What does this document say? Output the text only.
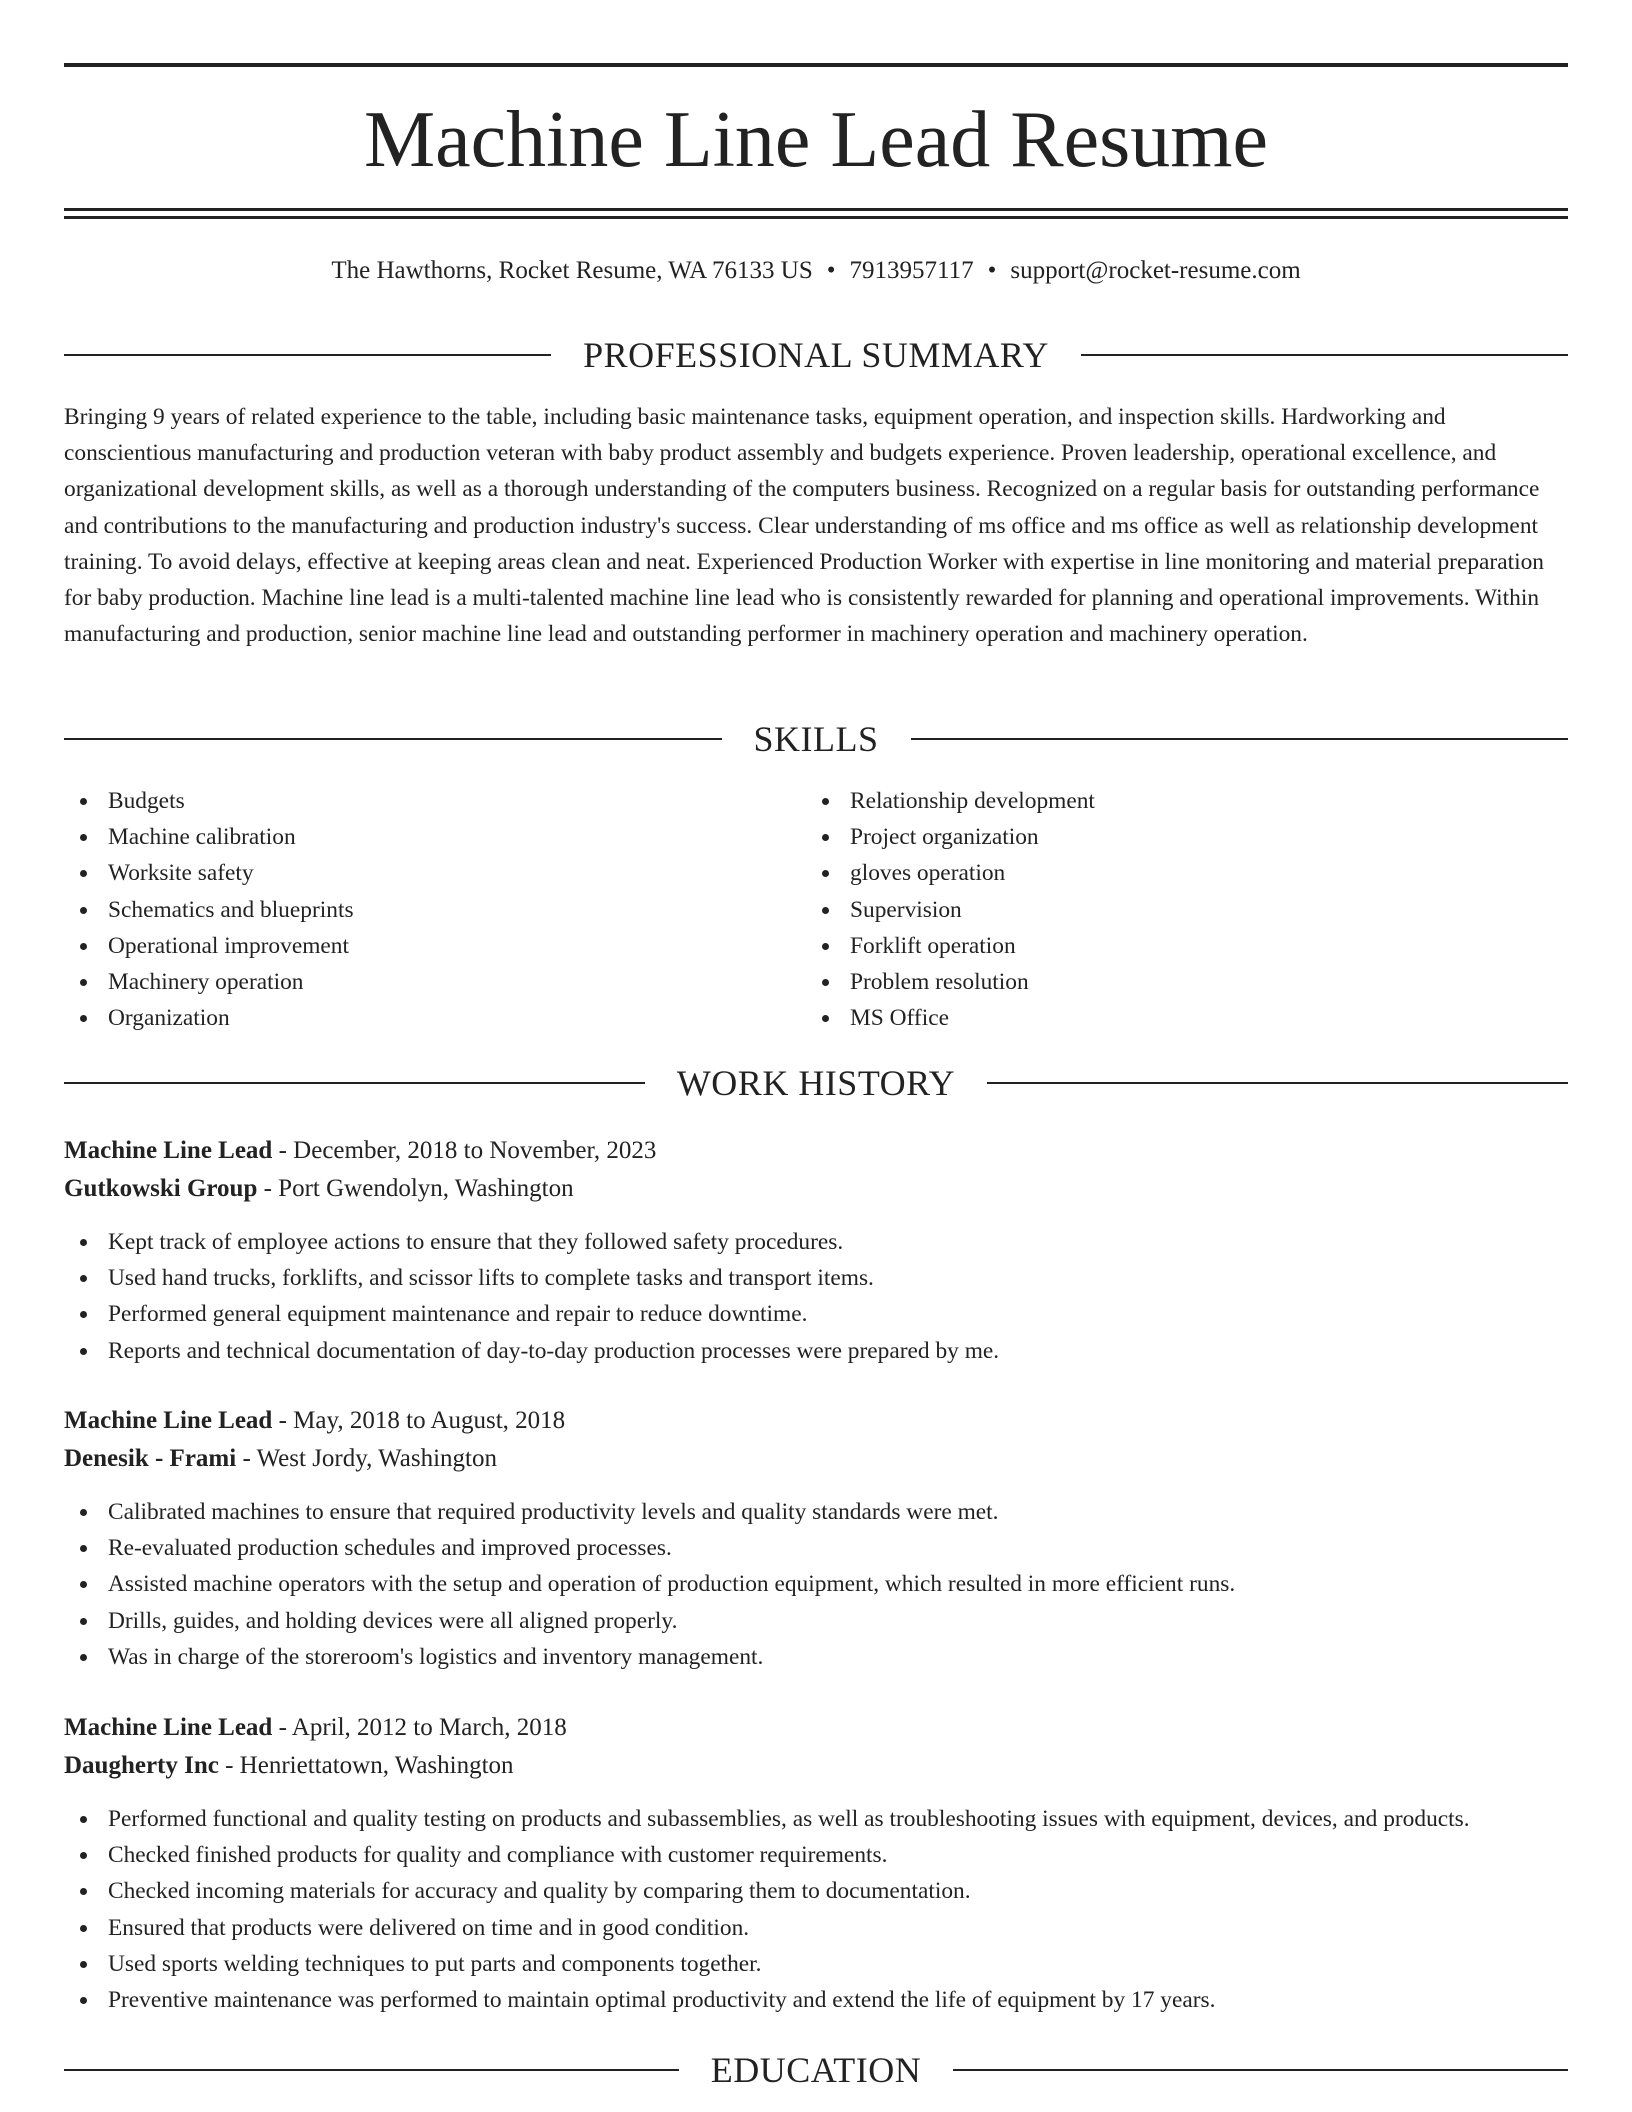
Machine Line Lead Resume
The Hawthorns, Rocket Resume, WA 76133 US • 7913957117 • support@rocket-resume.com
PROFESSIONAL SUMMARY

Bringing 9 years of related experience to the table, including basic maintenance tasks, equipment operation, and inspection skills. Hardworking and conscientious manufacturing and production veteran with baby product assembly and budgets experience. Proven leadership, operational excellence, and organizational development skills, as well as a thorough understanding of the computers business. Recognized on a regular basis for outstanding performance and contributions to the manufacturing and production industry's success. Clear understanding of ms office and ms office as well as relationship development training. To avoid delays, effective at keeping areas clean and neat. Experienced Production Worker with expertise in line monitoring and material preparation for baby production. Machine line lead is a multi-talented machine line lead who is consistently rewarded for planning and operational improvements. Within manufacturing and production, senior machine line lead and outstanding performer in machinery operation and machinery operation.

SKILLS
Budgets
Machine calibration
Worksite safety
Schematics and blueprints
Operational improvement
Machinery operation
Organization
Relationship development
Project organization
gloves operation
Supervision
Forklift operation
Problem resolution
MS Office
WORK HISTORY
Machine Line Lead - December, 2018 to November, 2023
Gutkowski Group - Port Gwendolyn, Washington
Kept track of employee actions to ensure that they followed safety procedures.
Used hand trucks, forklifts, and scissor lifts to complete tasks and transport items.
Performed general equipment maintenance and repair to reduce downtime.
Reports and technical documentation of day-to-day production processes were prepared by me.
Machine Line Lead - May, 2018 to August, 2018
Denesik - Frami - West Jordy, Washington
Calibrated machines to ensure that required productivity levels and quality standards were met.
Re-evaluated production schedules and improved processes.
Assisted machine operators with the setup and operation of production equipment, which resulted in more efficient runs.
Drills, guides, and holding devices were all aligned properly.
Was in charge of the storeroom's logistics and inventory management.
Machine Line Lead - April, 2012 to March, 2018
Daugherty Inc - Henriettatown, Washington
Performed functional and quality testing on products and subassemblies, as well as troubleshooting issues with equipment, devices, and products.
Checked finished products for quality and compliance with customer requirements.
Checked incoming materials for accuracy and quality by comparing them to documentation.
Ensured that products were delivered on time and in good condition.
Used sports welding techniques to put parts and components together.
Preventive maintenance was performed to maintain optimal productivity and extend the life of equipment by 17 years.
EDUCATION
